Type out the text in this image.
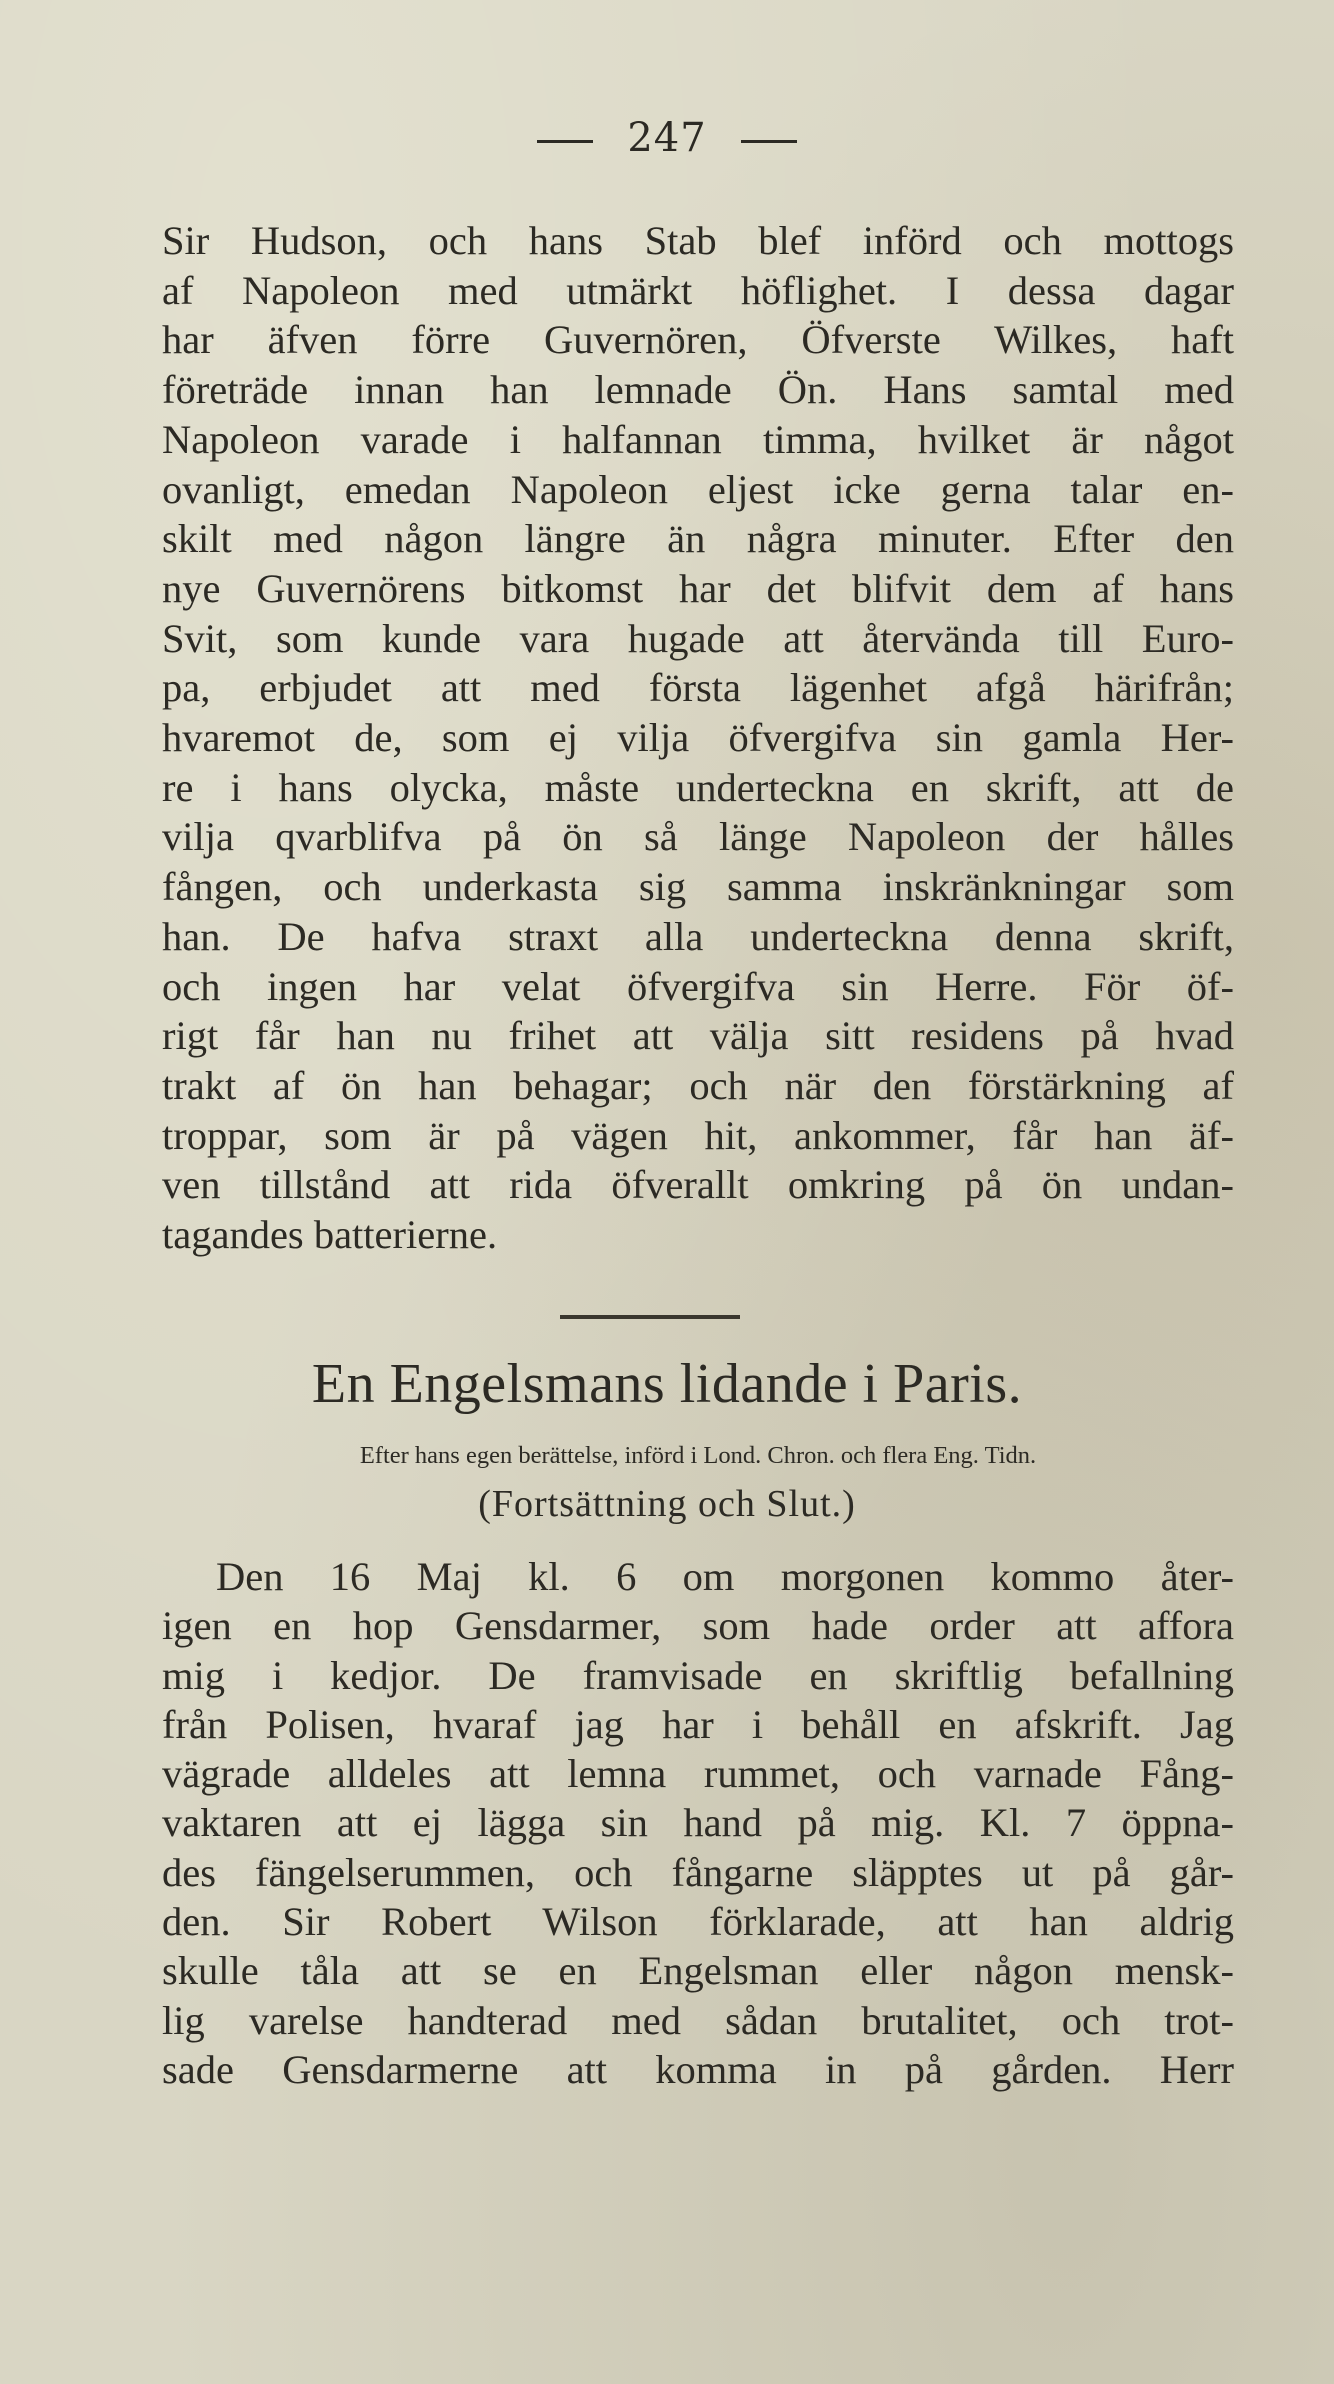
247
Sir Hudson, och hans Stab blef införd och mottogs
af Napoleon med utmärkt höflighet. I dessa dagar
har äfven förre Guvernören, Öfverste Wilkes, haft
företräde innan han lemnade Ön. Hans samtal med
Napoleon varade i halfannan timma, hvilket är något
ovanligt, emedan Napoleon eljest icke gerna talar en-
skilt med någon längre än några minuter. Efter den
nye Guvernörens bitkomst har det blifvit dem af hans
Svit, som kunde vara hugade att återvända till Euro-
pa, erbjudet att med första lägenhet afgå härifrån;
hvaremot de, som ej vilja öfvergifva sin gamla Her-
re i hans olycka, måste underteckna en skrift, att de
vilja qvarblifva på ön så länge Napoleon der hålles
fången, och underkasta sig samma inskränkningar som
han. De hafva straxt alla underteckna denna skrift,
och ingen har velat öfvergifva sin Herre. För öf-
rigt får han nu frihet att välja sitt residens på hvad
trakt af ön han behagar; och när den förstärkning af
troppar, som är på vägen hit, ankommer, får han äf-
ven tillstånd att rida öfverallt omkring på ön undan-
tagandes batterierne.
En Engelsmans lidande i Paris.
Efter hans egen berättelse, införd i Lond. Chron. och flera Eng. Tidn.
(Fortsättning och Slut.)
Den 16 Maj kl. 6 om morgonen kommo åter-
igen en hop Gensdarmer, som hade order att affora
mig i kedjor. De framvisade en skriftlig befallning
från Polisen, hvaraf jag har i behåll en afskrift. Jag
vägrade alldeles att lemna rummet, och varnade Fång-
vaktaren att ej lägga sin hand på mig. Kl. 7 öppna-
des fängelserummen, och fångarne släpptes ut på går-
den. Sir Robert Wilson förklarade, att han aldrig
skulle tåla att se en Engelsman eller någon mensk-
lig varelse handterad med sådan brutalitet, och trot-
sade Gensdarmerne att komma in på gården. Herr
